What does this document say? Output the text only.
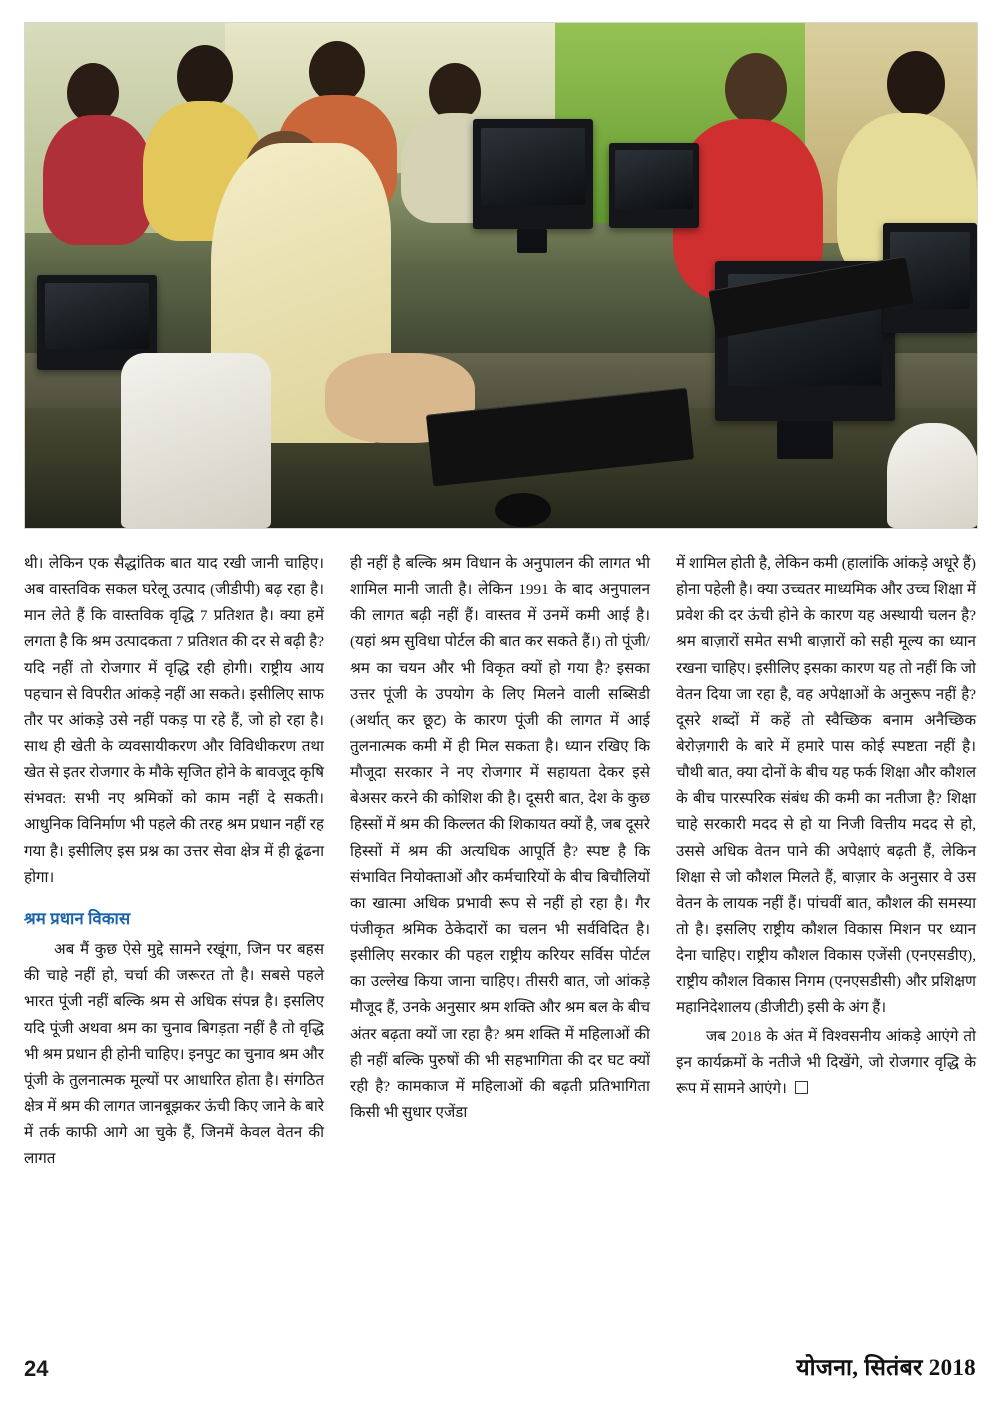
थी। लेकिन एक सैद्धांतिक बात याद रखी जानी चाहिए। अब वास्तविक सकल घरेलू उत्पाद (जीडीपी) बढ़ रहा है। मान लेते हैं कि वास्तविक वृद्धि 7 प्रतिशत है। क्या हमें लगता है कि श्रम उत्पादकता 7 प्रतिशत की दर से बढ़ी है? यदि नहीं तो रोजगार में वृद्धि रही होगी। राष्ट्रीय आय पहचान से विपरीत आंकड़े नहीं आ सकते। इसीलिए साफ तौर पर आंकड़े उसे नहीं पकड़ पा रहे हैं, जो हो रहा है। साथ ही खेती के व्यवसायीकरण और विविधीकरण तथा खेत से इतर रोजगार के मौके सृजित होने के बावजूद कृषि संभवत: सभी नए श्रमिकों को काम नहीं दे सकती। आधुनिक विनिर्माण भी पहले की तरह श्रम प्रधान नहीं रह गया है। इसीलिए इस प्रश्न का उत्तर सेवा क्षेत्र में ही ढूंढना होगा।

श्रम प्रधान विकास

अब मैं कुछ ऐसे मुद्दे सामने रखूंगा, जिन पर बहस की चाहे नहीं हो, चर्चा की जरूरत तो है। सबसे पहले भारत पूंजी नहीं बल्कि श्रम से अधिक संपन्न है। इसलिए यदि पूंजी अथवा श्रम का चुनाव बिगड़ता नहीं है तो वृद्धि भी श्रम प्रधान ही होनी चाहिए। इनपुट का चुनाव श्रम और पूंजी के तुलनात्मक मूल्यों पर आधारित होता है। संगठित क्षेत्र में श्रम की लागत जानबूझकर ऊंची किए जाने के बारे में तर्क काफी आगे आ चुके हैं, जिनमें केवल वेतन की लागत

ही नहीं है बल्कि श्रम विधान के अनुपालन की लागत भी शामिल मानी जाती है। लेकिन 1991 के बाद अनुपालन की लागत बढ़ी नहीं हैं। वास्तव में उनमें कमी आई है। (यहां श्रम सुविधा पोर्टल की बात कर सकते हैं।) तो पूंजी/श्रम का चयन और भी विकृत क्यों हो गया है? इसका उत्तर पूंजी के उपयोग के लिए मिलने वाली सब्सिडी (अर्थात् कर छूट) के कारण पूंजी की लागत में आई तुलनात्मक कमी में ही मिल सकता है। ध्यान रखिए कि मौजूदा सरकार ने नए रोजगार में सहायता देकर इसे बेअसर करने की कोशिश की है। दूसरी बात, देश के कुछ हिस्सों में श्रम की किल्लत की शिकायत क्यों है, जब दूसरे हिस्सों में श्रम की अत्यधिक आपूर्ति है? स्पष्ट है कि संभावित नियोक्ताओं और कर्मचारियों के बीच बिचौलियों का खात्मा अधिक प्रभावी रूप से नहीं हो रहा है। गैर पंजीकृत श्रमिक ठेकेदारों का चलन भी सर्वविदित है। इसीलिए सरकार की पहल राष्ट्रीय करियर सर्विस पोर्टल का उल्लेख किया जाना चाहिए। तीसरी बात, जो आंकड़े मौजूद हैं, उनके अनुसार श्रम शक्ति और श्रम बल के बीच अंतर बढ़ता क्यों जा रहा है? श्रम शक्ति में महिलाओं की ही नहीं बल्कि पुरुषों की भी सहभागिता की दर घट क्यों रही है? कामकाज में महिलाओं की बढ़ती प्रतिभागिता किसी भी सुधार एजेंडा

में शामिल होती है, लेकिन कमी (हालांकि आंकड़े अधूरे हैं) होना पहेली है। क्या उच्चतर माध्यमिक और उच्च शिक्षा में प्रवेश की दर ऊंची होने के कारण यह अस्थायी चलन है? श्रम बाज़ारों समेत सभी बाज़ारों को सही मूल्य का ध्यान रखना चाहिए। इसीलिए इसका कारण यह तो नहीं कि जो वेतन दिया जा रहा है, वह अपेक्षाओं के अनुरूप नहीं है? दूसरे शब्दों में कहें तो स्वैच्छिक बनाम अनैच्छिक बेरोज़गारी के बारे में हमारे पास कोई स्पष्टता नहीं है। चौथी बात, क्या दोनों के बीच यह फर्क शिक्षा और कौशल के बीच पारस्परिक संबंध की कमी का नतीजा है? शिक्षा चाहे सरकारी मदद से हो या निजी वित्तीय मदद से हो, उससे अधिक वेतन पाने की अपेक्षाएं बढ़ती हैं, लेकिन शिक्षा से जो कौशल मिलते हैं, बाज़ार के अनुसार वे उस वेतन के लायक नहीं हैं। पांचवीं बात, कौशल की समस्या तो है। इसलिए राष्ट्रीय कौशल विकास मिशन पर ध्यान देना चाहिए। राष्ट्रीय कौशल विकास एजेंसी (एनएसडीए), राष्ट्रीय कौशल विकास निगम (एनएसडीसी) और प्रशिक्षण महानिदेशालय (डीजीटी) इसी के अंग हैं।

जब 2018 के अंत में विश्वसनीय आंकड़े आएंगे तो इन कार्यक्रमों के नतीजे भी दिखेंगे, जो रोजगार वृद्धि के रूप में सामने आएंगे।

24	योजना, सितंबर 2018
